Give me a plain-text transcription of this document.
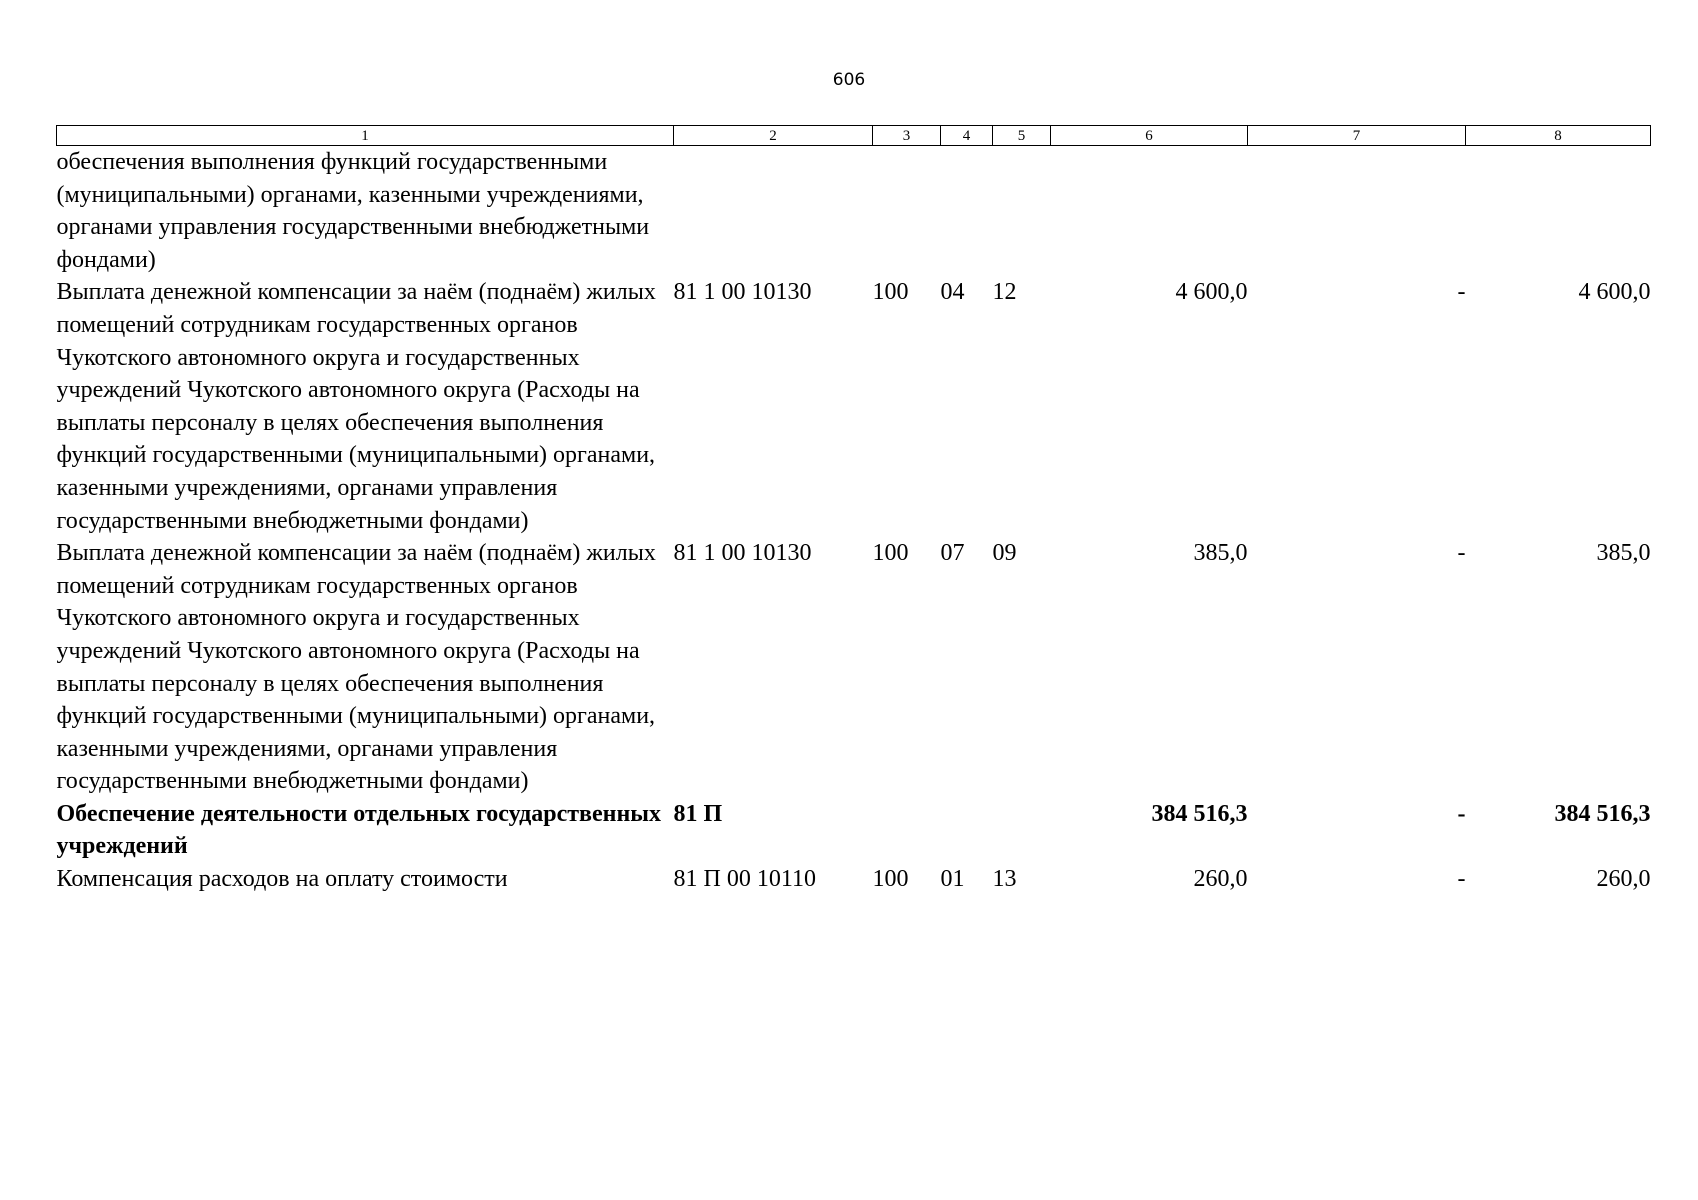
606
1	2	3	4	5	6	7	8
обеспечения выполнения функций государственными (муниципальными) органами, казенными учреждениями, органами управления государственными внебюджетными фондами)							
Выплата денежной компенсации за наём (поднаём) жилых помещений сотрудникам государственных органов Чукотского автономного округа и государственных учреждений Чукотского автономного округа (Расходы на выплаты персоналу в целях обеспечения выполнения функций государственными (муниципальными) органами, казенными учреждениями, органами управления государственными внебюджетными фондами)	81 1 00 10130	100	04	12	4 600,0	-	4 600,0
Выплата денежной компенсации за наём (поднаём) жилых помещений сотрудникам государственных органов Чукотского автономного округа и государственных учреждений Чукотского автономного округа (Расходы на выплаты персоналу в целях обеспечения выполнения функций государственными (муниципальными) органами, казенными учреждениями, органами управления государственными внебюджетными фондами)	81 1 00 10130	100	07	09	385,0	-	385,0
Обеспечение деятельности отдельных государственных учреждений	81 П				384 516,3	-	384 516,3
Компенсация расходов на оплату стоимости	81 П 00 10110	100	01	13	260,0	-	260,0
